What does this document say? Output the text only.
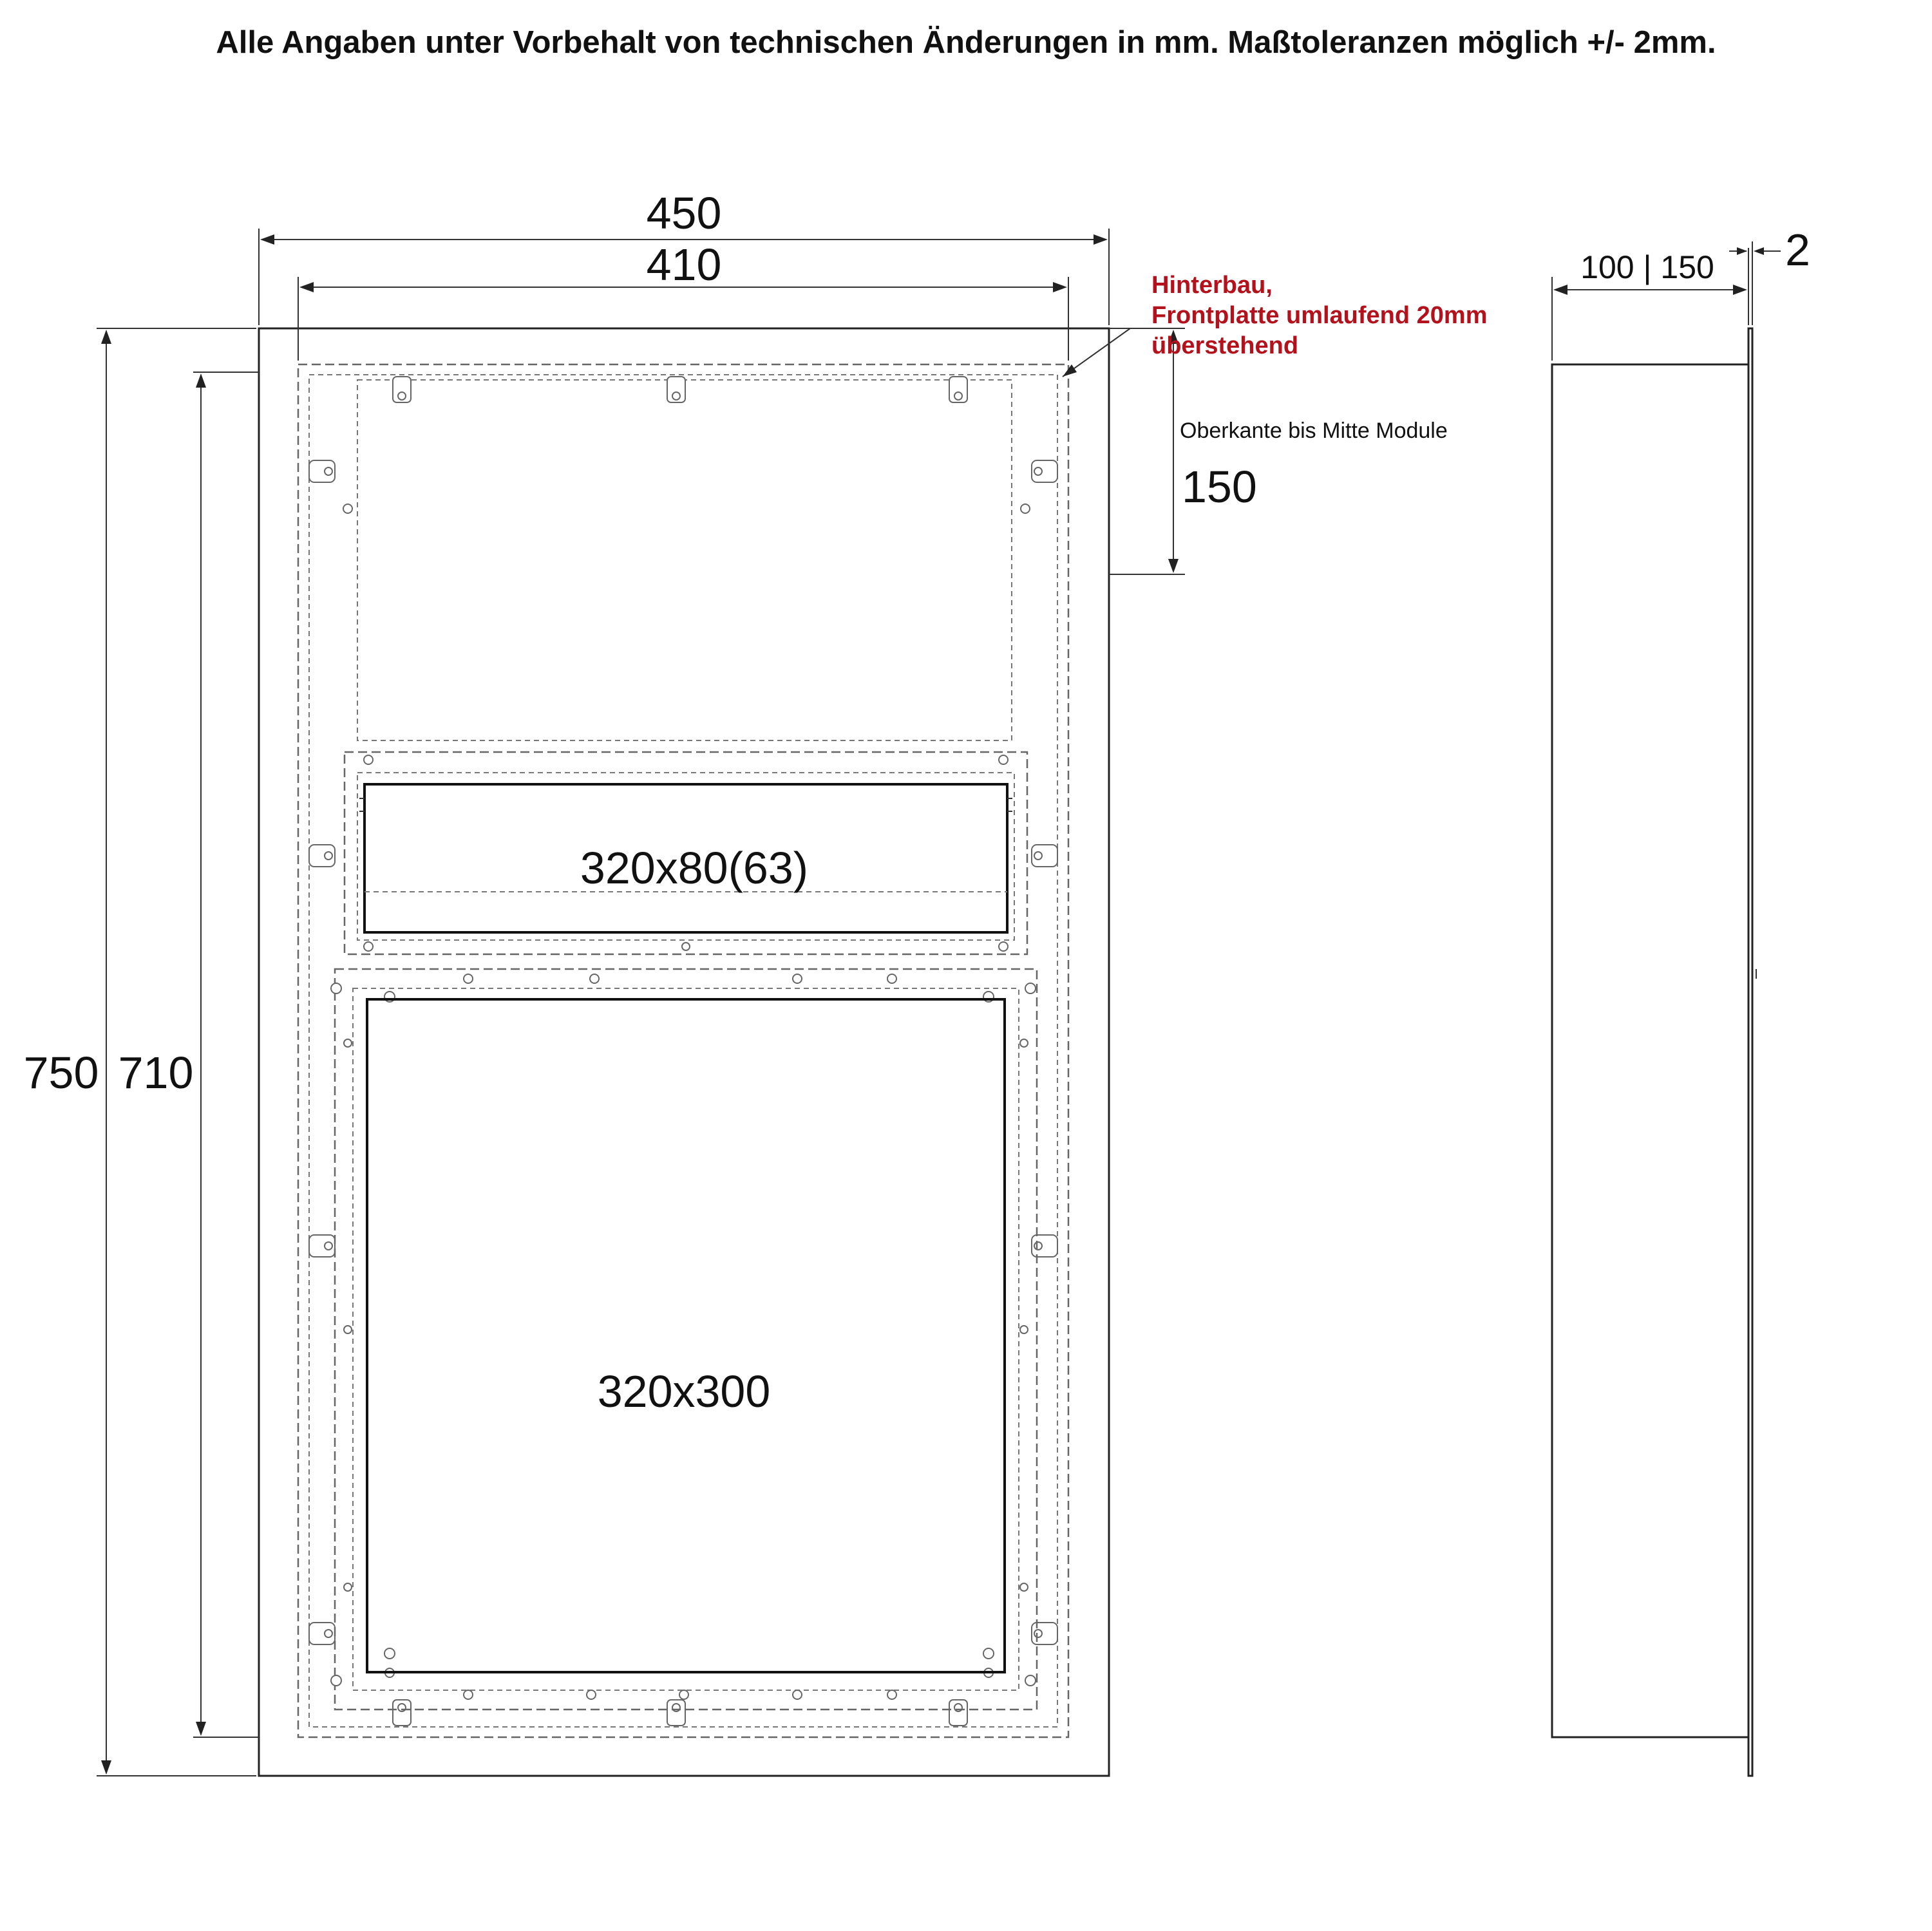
Alle Angaben unter Vorbehalt von technischen Änderungen in mm. Maßtoleranzen möglich +/- 2mm.
320x80(63)
320x300
450
410
750 710
Oberkante bis Mitte Module
150
Hinterbau,
Frontplatte umlaufend 20mm
überstehend
100 | 150 2
